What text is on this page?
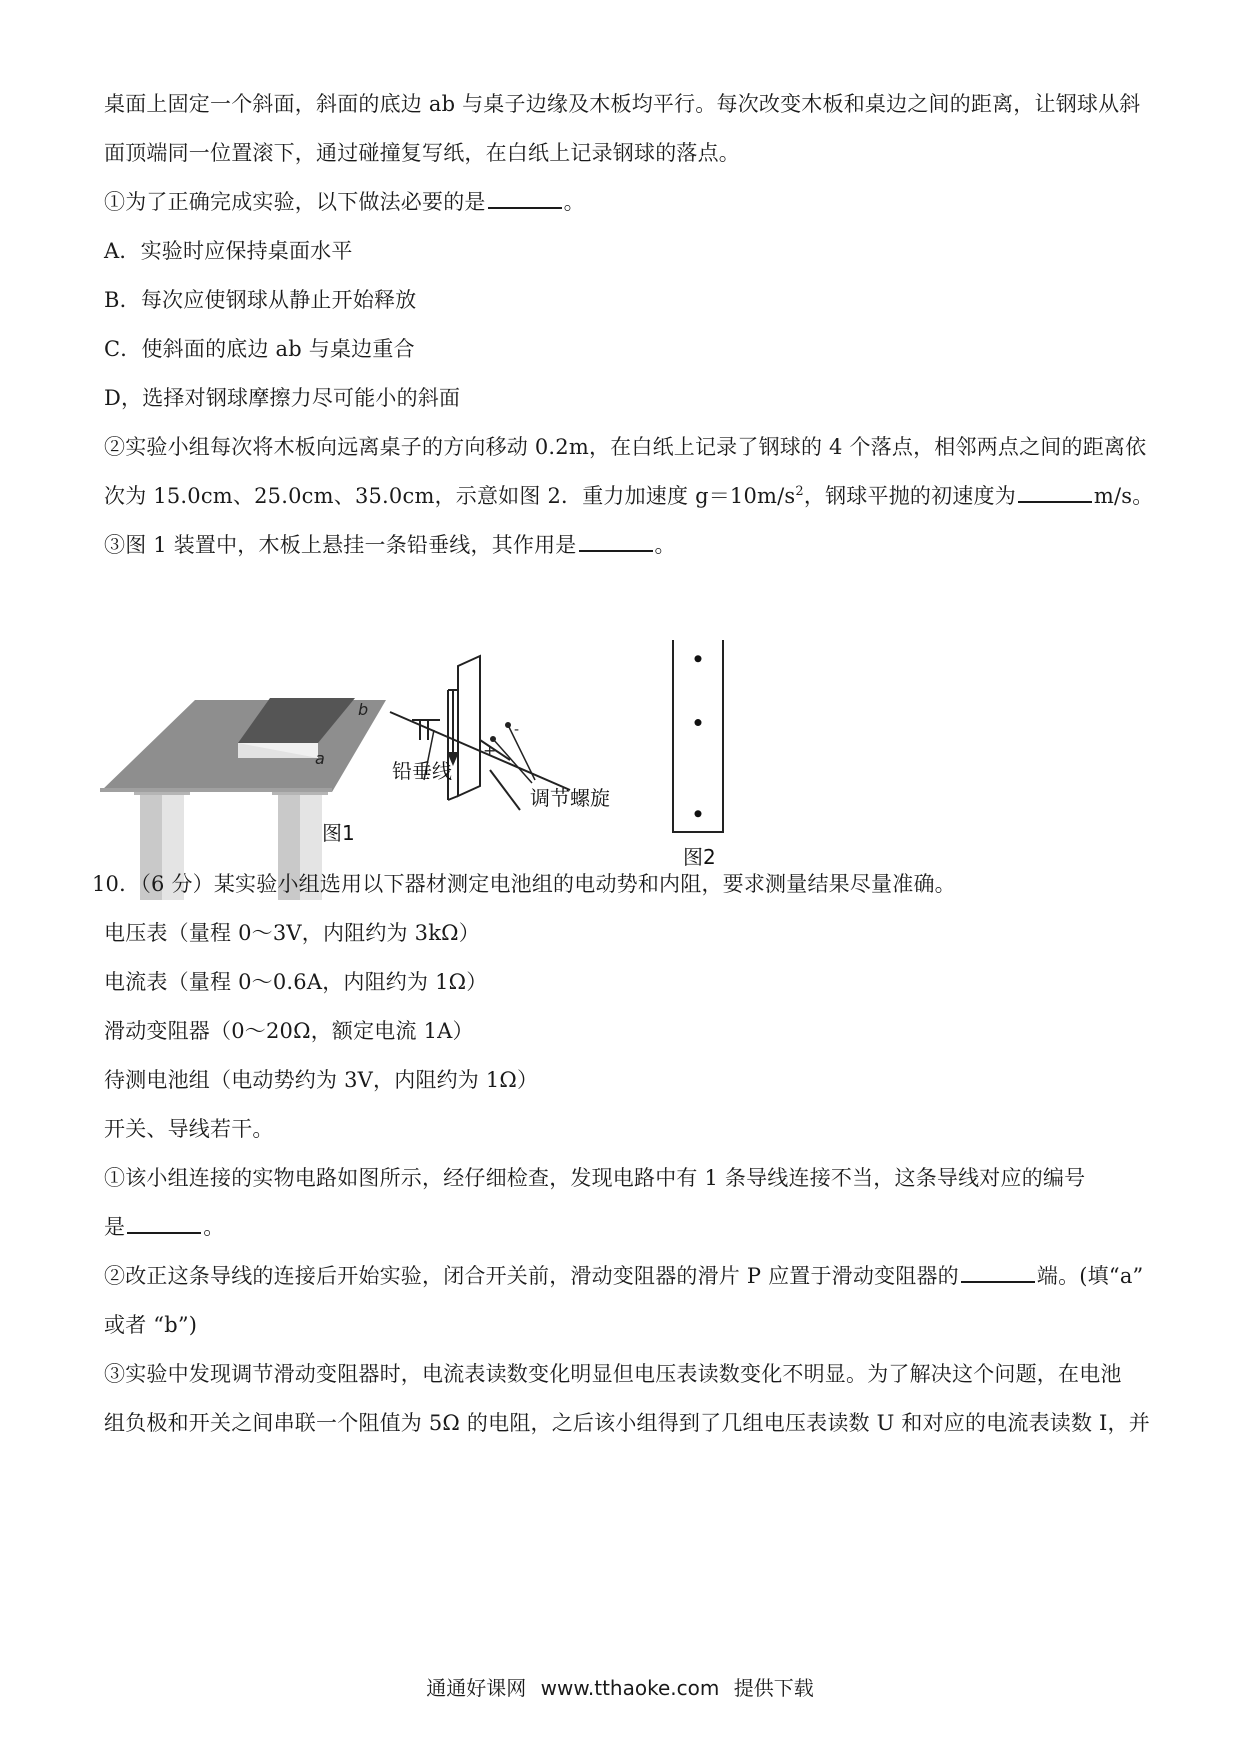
桌面上固定一个斜面，斜面的底边 ab 与桌子边缘及木板均平行。每次改变木板和桌边之间的距离，让钢球从斜
面顶端同一位置滚下，通过碰撞复写纸，在白纸上记录钢球的落点。
①为了正确完成实验，以下做法必要的是	。
A．实验时应保持桌面水平
B．每次应使钢球从静止开始释放
C．使斜面的底边 ab 与桌边重合
D，选择对钢球摩擦力尽可能小的斜面
②实验小组每次将木板向远离桌子的方向移动 0.2m，在白纸上记录了钢球的 4 个落点，相邻两点之间的距离依
次为 15.0cm、25.0cm、35.0cm，示意如图 2．重力加速度 $g=10m/s^2$，钢球平抛的初速度为	m/s。
③图 1 装置中，木板上悬挂一条铅垂线，其作用是	。
b
a
-
+
铅垂线
调节螺旋
图1
图2
10．（6 分）某实验小组选用以下器材测定电池组的电动势和内阻，要求测量结果尽量准确。
电压表（量程 0～3V，内阻约为 3kΩ）
电流表（量程 0～0.6A，内阻约为 1Ω）
滑动变阻器（0～20Ω，额定电流 1A）
待测电池组（电动势约为 3V，内阻约为 1Ω）
开关、导线若干。
①该小组连接的实物电路如图所示，经仔细检查，发现电路中有 1 条导线连接不当，这条导线对应的编号
是	。
②改正这条导线的连接后开始实验，闭合开关前，滑动变阻器的滑片 P 应置于滑动变阻器的	端。(填“a”
或者 “b”)
③实验中发现调节滑动变阻器时，电流表读数变化明显但电压表读数变化不明显。为了解决这个问题，在电池
组负极和开关之间串联一个阻值为 5Ω 的电阻，之后该小组得到了几组电压表读数 U 和对应的电流表读数 I，并
通通好课网 www.tthaoke.com 提供下载
